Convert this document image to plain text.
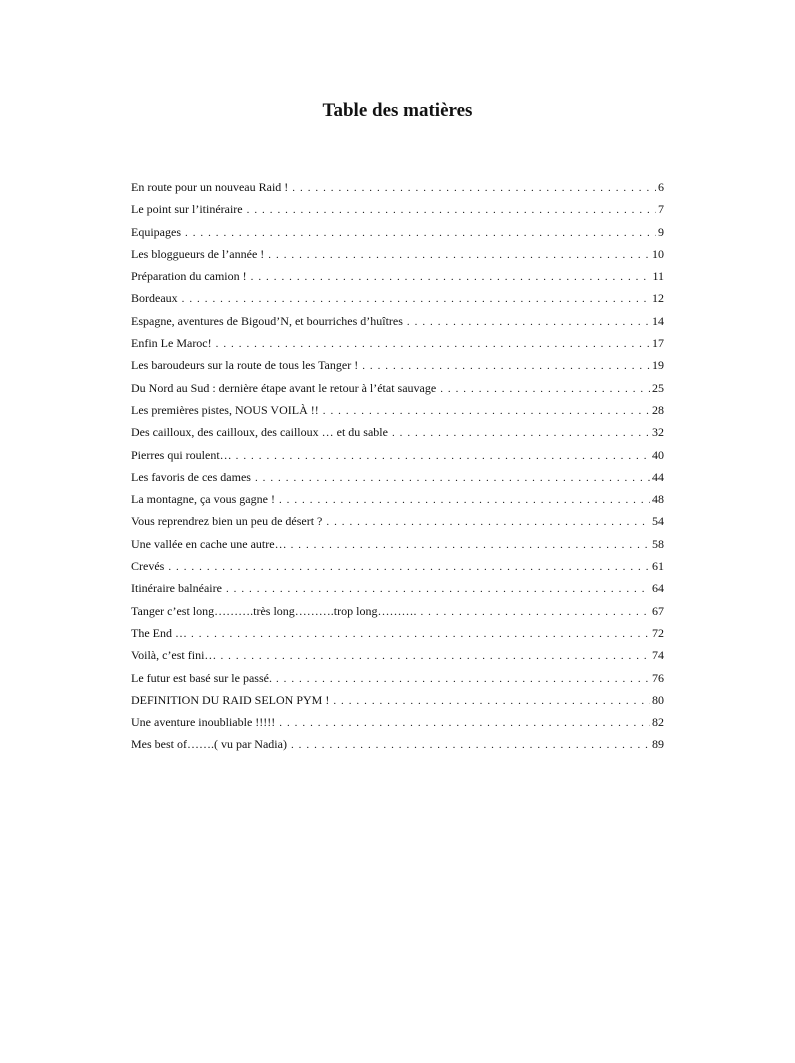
Table des matières
En route pour un nouveau Raid ! . . .	6
Le point sur l’itinéraire . . .	7
Equipages . . .	9
Les bloggueurs de l’année ! . . .	10
Préparation du camion ! . . .	11
Bordeaux . . .	12
Espagne, aventures de Bigoud’N, et bourriches d’huîtres . . .	14
Enfin Le Maroc! . . .	17
Les baroudeurs sur la route de tous les Tanger ! . . .	19
Du Nord au Sud : dernière étape avant le retour à l’état sauvage . . .	25
Les premières pistes, NOUS VOILÀ !! . . .	28
Des cailloux, des cailloux, des cailloux … et du sable . . .	32
Pierres qui roulent… . . .	40
Les favoris de ces dames . . .	44
La montagne, ça vous gagne ! . . .	48
Vous reprendrez bien un peu de désert ? . . .	54
Une vallée en cache une autre… . . .	58
Crevés . . .	61
Itinéraire balnéaire . . .	64
Tanger c’est long……….très long……….trop long………. . . .	67
The End … . . .	72
Voilà, c’est fini… . . .	74
Le futur est basé sur le passé. . . .	76
DEFINITION DU RAID SELON PYM ! . . .	80
Une aventure inoubliable !!!!! . . .	82
Mes best of…….( vu par Nadia) . . .	89
